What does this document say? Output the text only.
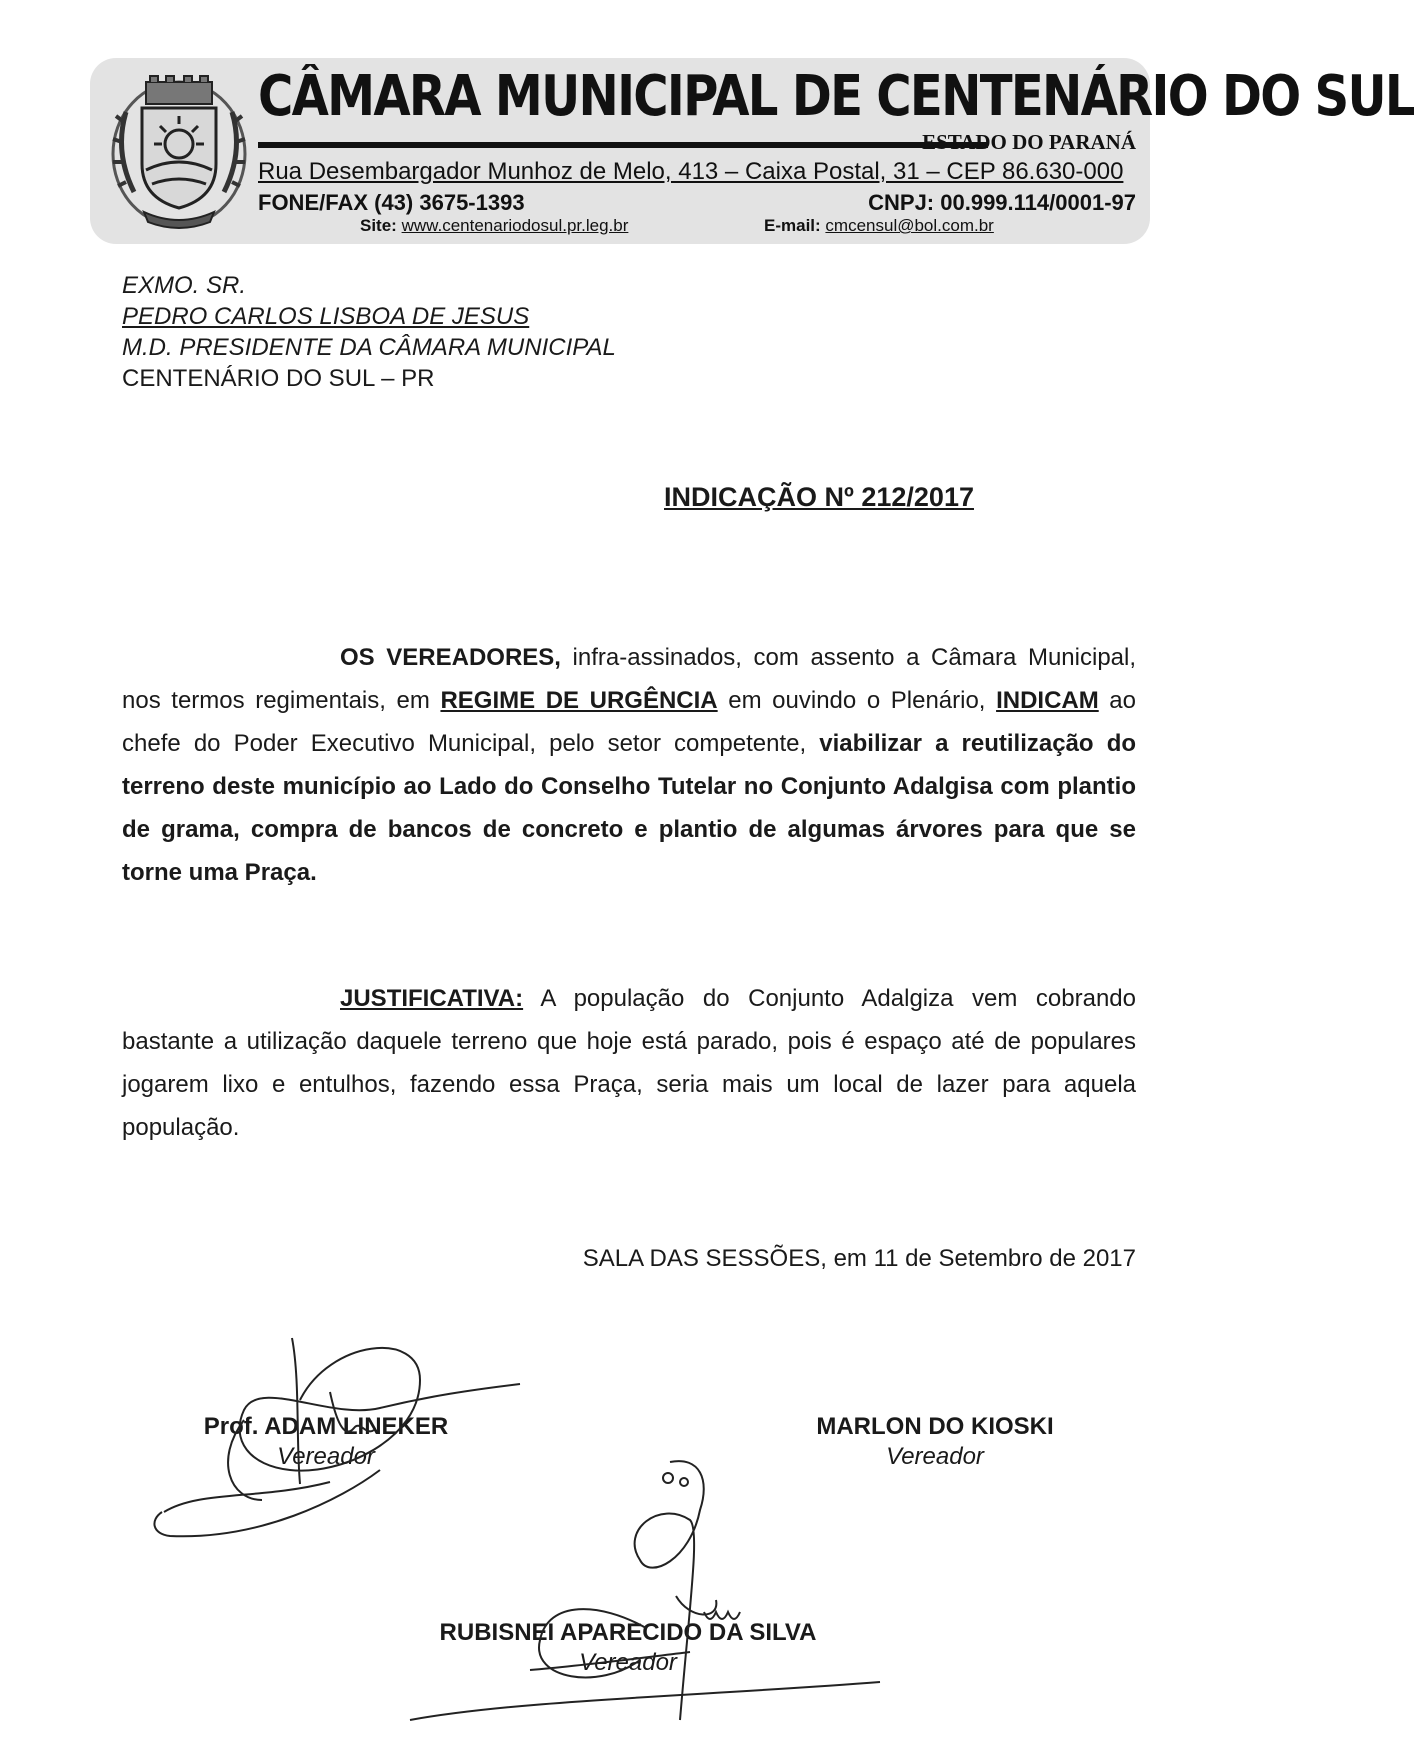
CÂMARA MUNICIPAL DE CENTENÁRIO DO SUL

ESTADO DO PARANÁ

Rua Desembargador Munhoz de Melo, 413 – Caixa Postal, 31 – CEP 86.630-000

FONE/FAX (43) 3675-1393	CNPJ: 00.999.114/0001-97

Site: www.centenariodosul.pr.leg.br	E-mail: cmcensul@bol.com.br

EXMO. SR.

PEDRO CARLOS LISBOA DE JESUS

M.D. PRESIDENTE DA CÂMARA MUNICIPAL

CENTENÁRIO DO SUL – PR

INDICAÇÃO Nº 212/2017

OS VEREADORES, infra-assinados, com assento a Câmara Municipal, nos termos regimentais, em REGIME DE URGÊNCIA em ouvindo o Plenário, INDICAM ao chefe do Poder Executivo Municipal, pelo setor competente, viabilizar a reutilização do terreno deste município ao Lado do Conselho Tutelar no Conjunto Adalgisa com plantio de grama, compra de bancos de concreto e plantio de algumas árvores para que se torne uma Praça.

JUSTIFICATIVA: A população do Conjunto Adalgiza vem cobrando bastante a utilização daquele terreno que hoje está parado, pois é espaço até de populares jogarem lixo e entulhos, fazendo essa Praça, seria mais um local de lazer para aquela população.

SALA DAS SESSÕES, em 11 de Setembro de 2017

Prof. ADAM LINEKER

Vereador

MARLON DO KIOSKI

Vereador

RUBISNEI APARECIDO DA SILVA

Vereador
